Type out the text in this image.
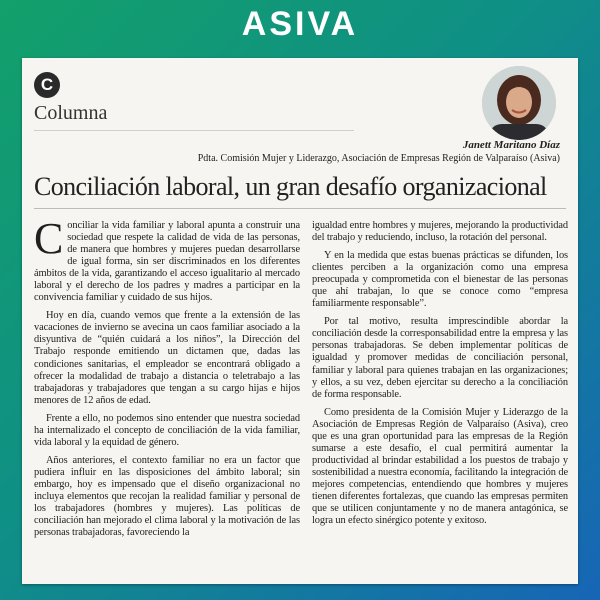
ASIVA
C
Columna
Janett Maritano Díaz
Pdta. Comisión Mujer y Liderazgo, Asociación de Empresas Región de Valparaíso (Asiva)
Conciliación laboral, un gran desafío organizacional

Conciliar la vida familiar y laboral apunta a construir una sociedad que respete la calidad de vida de las personas, de manera que hombres y mujeres puedan desarrollarse de igual forma, sin ser discriminados en los diferentes ámbitos de la vida, garantizando el acceso igualitario al mercado laboral y el derecho de los padres y madres a participar en la convivencia familiar y cuidado de sus hijos.

Hoy en día, cuando vemos que frente a la extensión de las vacaciones de invierno se avecina un caos familiar asociado a la disyuntiva de “quién cuidará a los niños”, la Dirección del Trabajo responde emitiendo un dictamen que, dadas las condiciones sanitarias, el empleador se encontrará obligado a ofrecer la modalidad de trabajo a distancia o teletrabajo a las trabajadoras y trabajadores que tengan a su cargo hijas e hijos menores de 12 años de edad.

Frente a ello, no podemos sino entender que nuestra sociedad ha internalizado el concepto de conciliación de la vida familiar, vida laboral y la equidad de género.

Años anteriores, el contexto familiar no era un factor que pudiera influir en las disposiciones del ámbito laboral; sin embargo, hoy es impensado que el diseño organizacional no incluya elementos que recojan la realidad familiar y personal de los trabajadores (hombres y mujeres). Las políticas de conciliación han mejorado el clima laboral y la motivación de las personas trabajadoras, favoreciendo la

igualdad entre hombres y mujeres, mejorando la productividad del trabajo y reduciendo, incluso, la rotación del personal.

Y en la medida que estas buenas prácticas se difunden, los clientes perciben a la organización como una empresa preocupada y comprometida con el bienestar de las personas que ahí trabajan, lo que se conoce como “empresa familiarmente responsable”.

Por tal motivo, resulta imprescindible abordar la conciliación desde la corresponsabilidad entre la empresa y las personas trabajadoras. Se deben implementar políticas de igualdad y promover medidas de conciliación personal, familiar y laboral para quienes trabajan en las organizaciones; y ellos, a su vez, deben ejercitar su derecho a la conciliación de forma responsable.

Como presidenta de la Comisión Mujer y Liderazgo de la Asociación de Empresas Región de Valparaíso (Asiva), creo que es una gran oportunidad para las empresas de la Región sumarse a este desafío, el cual permitirá aumentar la productividad al brindar estabilidad a los puestos de trabajo y sostenibilidad a nuestra economía, facilitando la integración de mejores competencias, entendiendo que hombres y mujeres tienen diferentes fortalezas, que cuando las empresas permiten que se utilicen conjuntamente y no de manera antagónica, se logra un efecto sinérgico potente y exitoso.
